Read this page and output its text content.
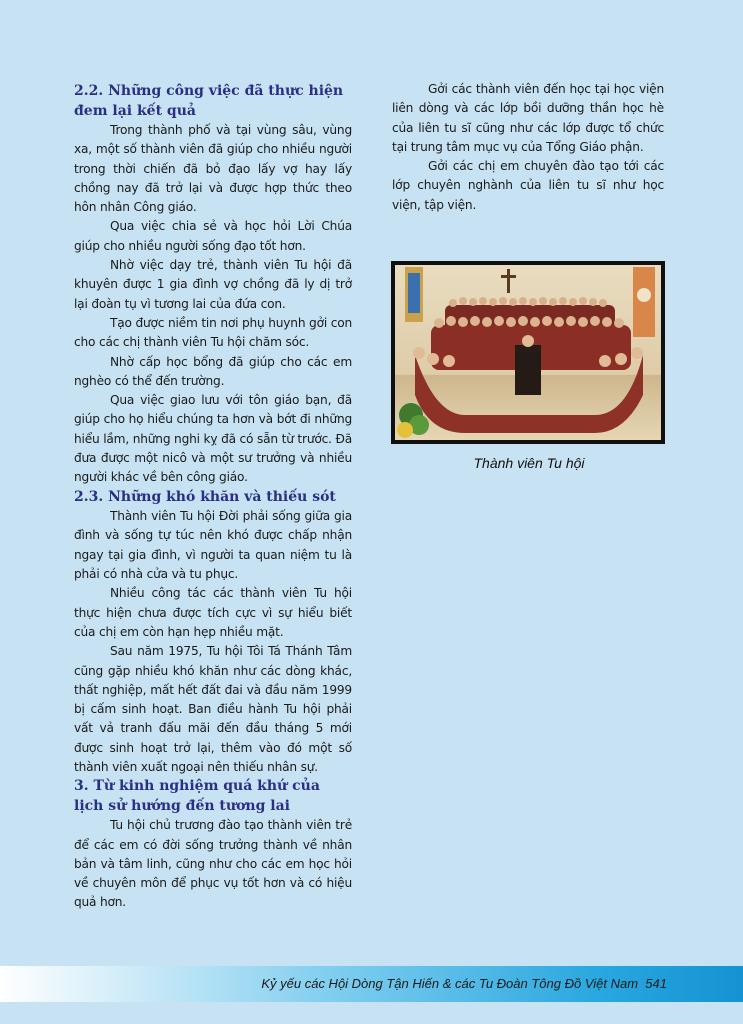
2.2. Những công việc đã thực hiện đem lại kết quả

Trong thành phố và tại vùng sâu, vùng xa, một số thành viên đã giúp cho nhiều người trong thời chiến đã bỏ đạo lấy vợ hay lấy chồng nay đã trở lại và được hợp thức theo hôn nhân Công giáo.

Qua việc chia sẻ và học hỏi Lời Chúa giúp cho nhiều người sống đạo tốt hơn.

Nhờ việc dạy trẻ, thành viên Tu hội đã khuyên được 1 gia đình vợ chồng đã ly dị trở lại đoàn tụ vì tương lai của đứa con.

Tạo được niềm tin nơi phụ huynh gởi con cho các chị thành viên Tu hội chăm sóc.

Nhờ cấp học bổng đã giúp cho các em nghèo có thể đến trường.

Qua việc giao lưu với tôn giáo bạn, đã giúp cho họ hiểu chúng ta hơn và bớt đi những hiểu lầm, những nghi kỵ đã có sẵn từ trước. Đã đưa được một nicô và một sư trưởng và nhiều người khác về bên công giáo.

2.3. Những khó khăn và thiếu sót

Thành viên Tu hội Đời phải sống giữa gia đình và sống tự túc nên khó được chấp nhận ngay tại gia đình, vì người ta quan niệm tu là phải có nhà cửa và tu phục.

Nhiều công tác các thành viên Tu hội thực hiện chưa được tích cực vì sự hiểu biết của chị em còn hạn hẹp nhiều mặt.

Sau năm 1975, Tu hội Tôi Tá Thánh Tâm cũng gặp nhiều khó khăn như các dòng khác, thất nghiệp, mất hết đất đai và đầu năm 1999 bị cấm sinh hoạt. Ban điều hành Tu hội phải vất vả tranh đấu mãi đến đầu tháng 5 mới được sinh hoạt trở lại, thêm vào đó một số thành viên xuất ngoại nên thiếu nhân sự.

3. Từ kinh nghiệm quá khứ của lịch sử hướng đến tương lai

Tu hội chủ trương đào tạo thành viên trẻ để các em có đời sống trưởng thành về nhân bản và tâm linh, cũng như cho các em học hỏi về chuyên môn để phục vụ tốt hơn và có hiệu quả hơn.

Gởi các thành viên đến học tại học viện liên dòng và các lớp bồi dưỡng thần học hè của liên tu sĩ cũng như các lớp được tổ chức tại trung tâm mục vụ của Tổng Giáo phận.

Gởi các chị em chuyên đào tạo tới các lớp chuyên nghành của liên tu sĩ như học viện, tập viện.

Thành viên Tu hội
Kỷ yếu các Hội Dòng Tận Hiến & các Tu Đoàn Tông Đồ Việt Nam 541
